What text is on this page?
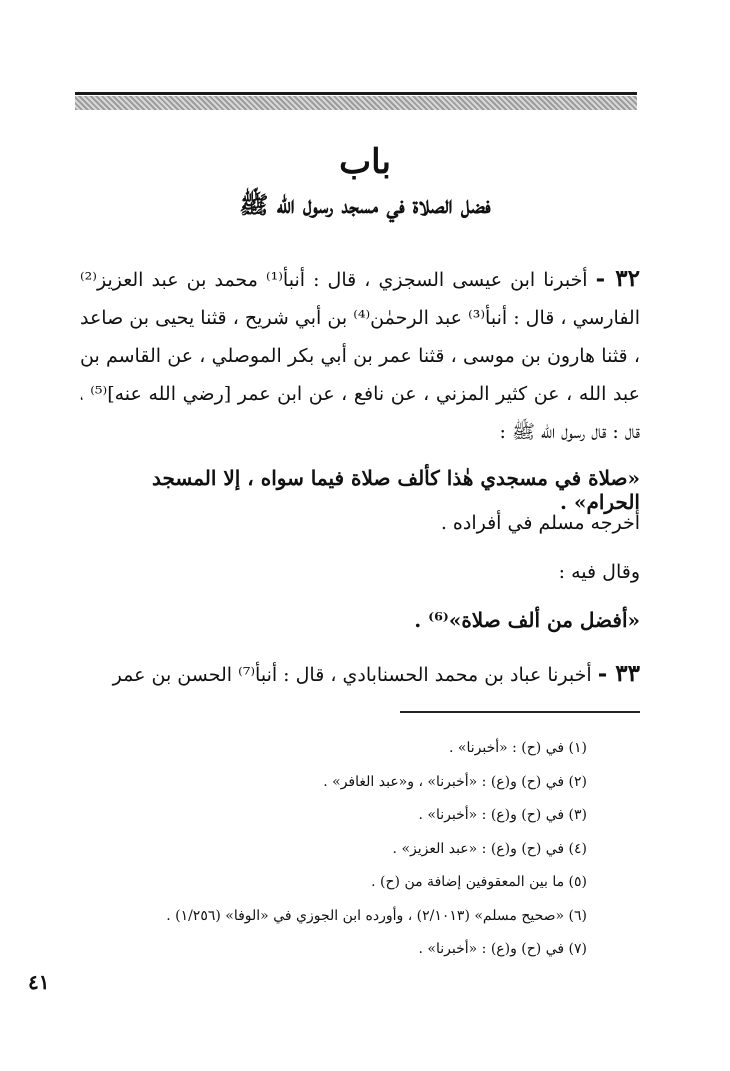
باب
فضل الصلاة في مسجد رسول الله ﷺ
٣٢ - أخبرنا ابن عيسى السجزي ، قال : أنبأ⁽¹⁾ محمد بن عبد العزيز⁽²⁾ الفارسي ، قال : أنبأ⁽³⁾ عبد الرحمٰن⁽⁴⁾ بن أبي شريح ، قثنا يحيى بن صاعد ، قثنا هارون بن موسى ، قثنا عمر بن أبي بكر الموصلي ، عن القاسم بن عبد الله ، عن كثير المزني ، عن نافع ، عن ابن عمر [رضي الله عنه]⁽⁵⁾ ، قال : قال رسول الله ﷺ :
«صلاة في مسجدي هٰذا كألف صلاة فيما سواه ، إلا المسجد الحرام» .
أخرجه مسلم في أفراده .
وقال فيه :
«أفضل من ألف صلاة»⁽⁶⁾ .
٣٣ - أخبرنا عباد بن محمد الحسنابادي ، قال : أنبأ⁽⁷⁾ الحسن بن عمر
(١) في (ح) : «أخبرنا» .
(٢) في (ح) و(ع) : «أخبرنا» ، و«عبد الغافر» .
(٣) في (ح) و(ع) : «أخبرنا» .
(٤) في (ح) و(ع) : «عبد العزيز» .
(٥) ما بين المعقوفين إضافة من (ح) .
(٦) «صحيح مسلم» (٢/١٠١٣) ، وأورده ابن الجوزي في «الوفا» (١/٢٥٦) .
(٧) في (ح) و(ع) : «أخبرنا» .
٤١
